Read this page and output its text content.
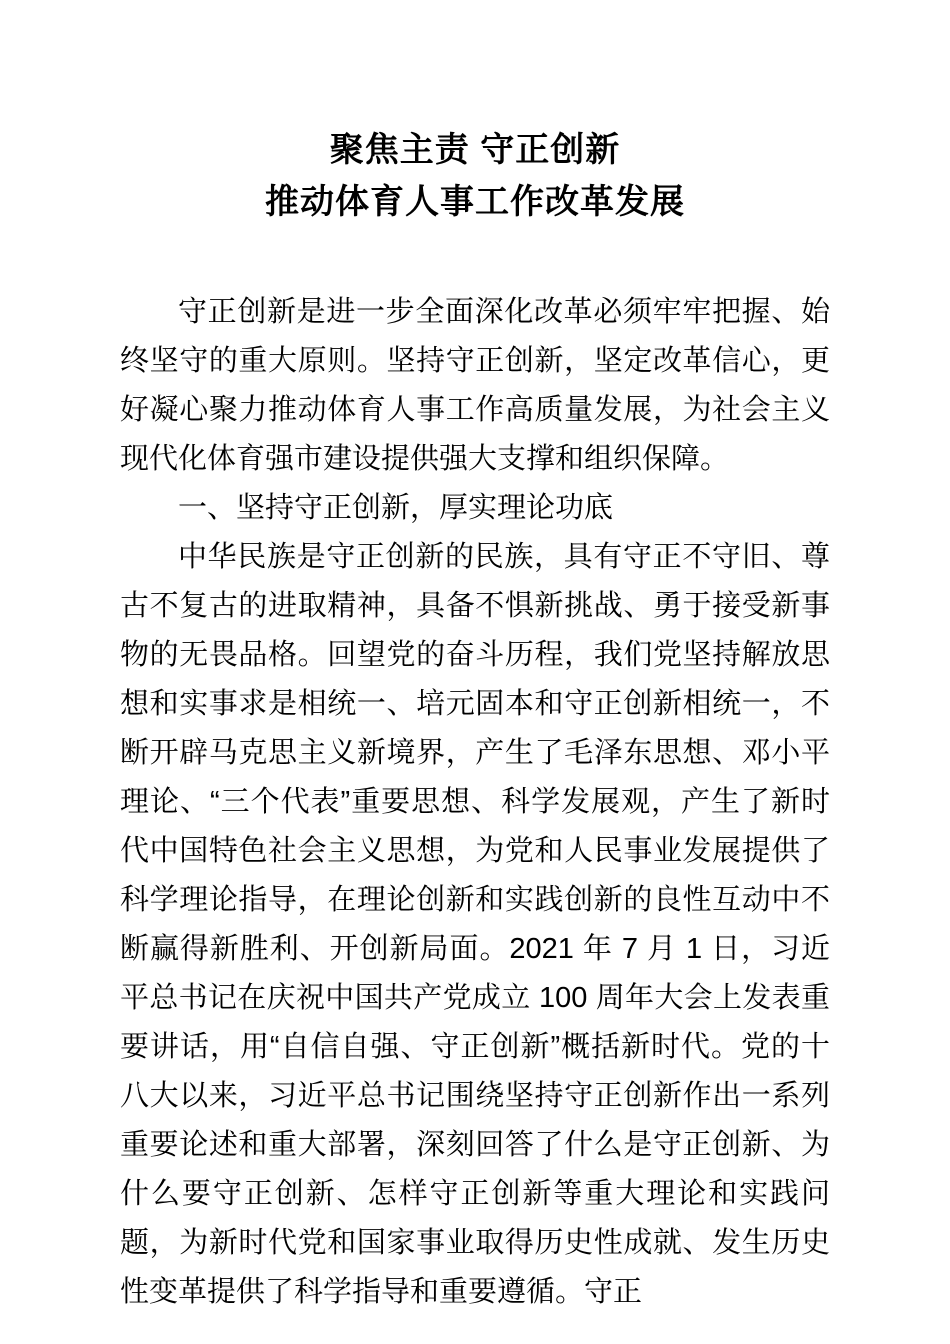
聚焦主责 守正创新
推动体育人事工作改革发展

守正创新是进一步全面深化改革必须牢牢把握、始终坚守的重大原则。坚持守正创新，坚定改革信心，更好凝心聚力推动体育人事工作高质量发展，为社会主义现代化体育强市建设提供强大支撑和组织保障。

一、坚持守正创新，厚实理论功底

中华民族是守正创新的民族，具有守正不守旧、尊古不复古的进取精神，具备不惧新挑战、勇于接受新事物的无畏品格。回望党的奋斗历程，我们党坚持解放思想和实事求是相统一、培元固本和守正创新相统一，不断开辟马克思主义新境界，产生了毛泽东思想、邓小平理论、“三个代表”重要思想、科学发展观，产生了新时代中国特色社会主义思想，为党和人民事业发展提供了科学理论指导，在理论创新和实践创新的良性互动中不断赢得新胜利、开创新局面。2021 年 7 月 1 日，习近平总书记在庆祝中国共产党成立 100 周年大会上发表重要讲话，用“自信自强、守正创新”概括新时代。党的十八大以来，习近平总书记围绕坚持守正创新作出一系列重要论述和重大部署，深刻回答了什么是守正创新、为什么要守正创新、怎样守正创新等重大理论和实践问题，为新时代党和国家事业取得历史性成就、发生历史性变革提供了科学指导和重要遵循。守正
